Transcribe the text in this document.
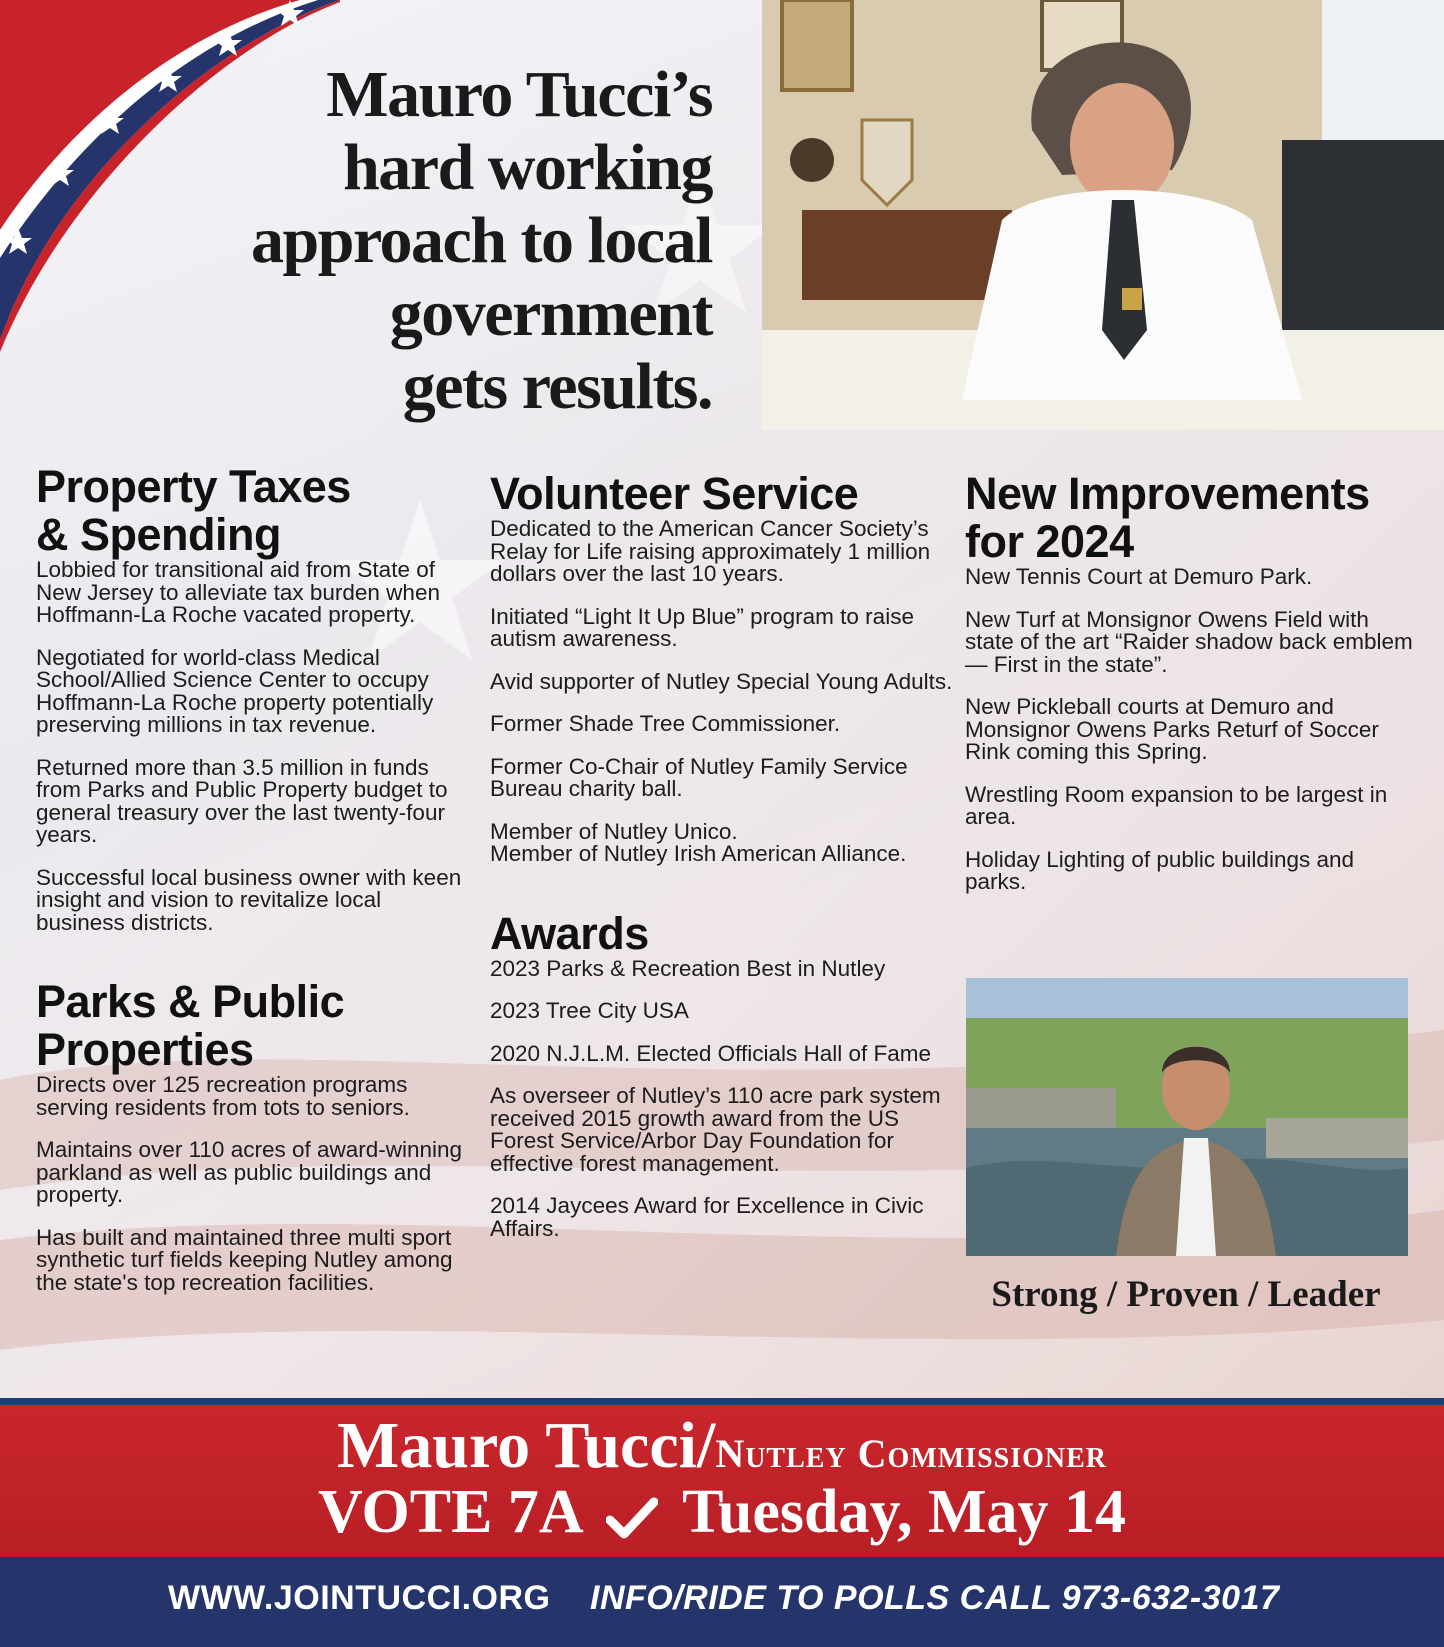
Mauro Tucci’s
hard working
approach to local
government
gets results.
Property Taxes
& Spending

Lobbied for transitional aid from State of New Jersey to alleviate tax burden when Hoffmann-La Roche vacated property.

Negotiated for world-class Medical School/Allied Science Center to occupy Hoffmann-La Roche property potentially preserving millions in tax revenue.

Returned more than 3.5 million in funds from Parks and Public Property budget to general treasury over the last twenty-four years.

Successful local business owner with keen insight and vision to revitalize local business districts.

Parks & Public
Properties

Directs over 125 recreation programs serving residents from tots to seniors.

Maintains over 110 acres of award-winning parkland as well as public buildings and property.

Has built and maintained three multi sport synthetic turf fields keeping Nutley among the state's top recreation facilities.

Volunteer Service

Dedicated to the American Cancer Society’s Relay for Life raising approximately 1 million dollars over the last 10 years.

Initiated “Light It Up Blue” program to raise autism awareness.

Avid supporter of Nutley Special Young Adults.

Former Shade Tree Commissioner.

Former Co-Chair of Nutley Family Service Bureau charity ball.

Member of Nutley Unico.

Member of Nutley Irish American Alliance.

Awards

2023 Parks & Recreation Best in Nutley

2023 Tree City USA

2020 N.J.L.M. Elected Officials Hall of Fame

As overseer of Nutley’s 110 acre park system received 2015 growth award from the US Forest Service/Arbor Day Foundation for effective forest management.

2014 Jaycees Award for Excellence in Civic Affairs.

New Improvements
for 2024

New Tennis Court at Demuro Park.

New Turf at Monsignor Owens Field with state of the art “Raider shadow back emblem — First in the state”.

New Pickleball courts at Demuro and Monsignor Owens Parks Returf of Soccer Rink coming this Spring.

Wrestling Room expansion to be largest in area.

Holiday Lighting of public buildings and parks.

Strong / Proven / Leader
Mauro Tucci/Nutley Commissioner
VOTE 7A Tuesday, May 14
WWW.JOINTUCCI.ORG INFO/RIDE TO POLLS CALL 973-632-3017
